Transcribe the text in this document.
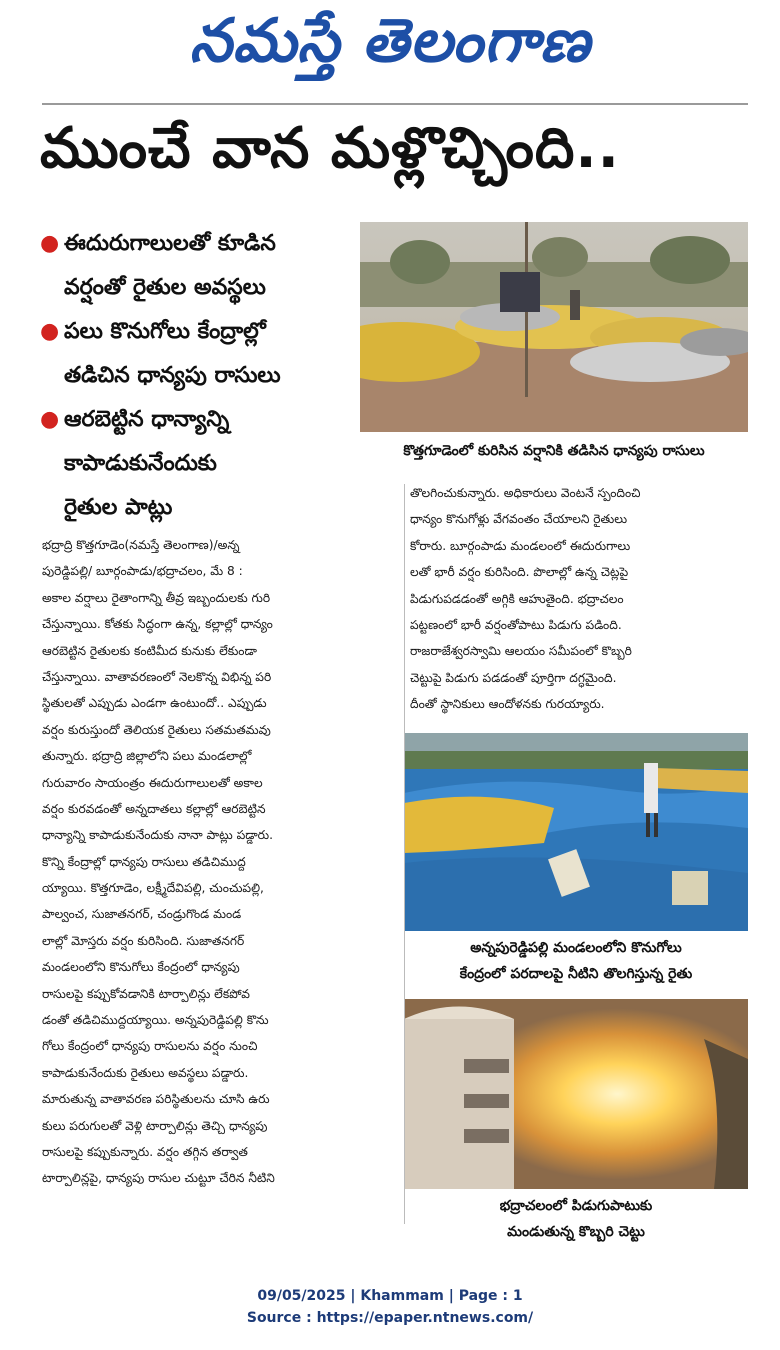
నమస్తే తెలంగాణ
ముంచే వాన మళ్లొచ్చింది..
● ఈదురుగాలులతో కూడిన
వర్షంతో రైతుల అవస్థలు
● పలు కొనుగోలు కేంద్రాల్లో
తడిచిన ధాన్యపు రాసులు
● ఆరబెట్టిన ధాన్యాన్ని
కాపాడుకునేందుకు
రైతుల పాట్లు
కొత్తగూడెంలో కురిసిన వర్షానికి తడిసిన ధాన్యపు రాసులు
అన్నపురెడ్డిపల్లి మండలంలోని కొనుగోలు
కేంద్రంలో పరదాలపై నీటిని తొలగిస్తున్న రైతు
భద్రాచలంలో పిడుగుపాటుకు
మండుతున్న కొబ్బరి చెట్టు

భద్రాద్రి కొత్తగూడెం(నమస్తే తెలంగాణ)/అన్న

పురెడ్డిపల్లి/ బూర్గంపాడు/భద్రాచలం, మే 8 :

అకాల వర్షాలు రైతాంగాన్ని తీవ్ర ఇబ్బందులకు గురి

చేస్తున్నాయి. కోతకు సిద్ధంగా ఉన్న, కల్లాల్లో ధాన్యం

ఆరబెట్టిన రైతులకు కంటిమీద కునుకు లేకుండా

చేస్తున్నాయి. వాతావరణంలో నెలకొన్న విభిన్న పరి

స్థితులతో ఎప్పుడు ఎండగా ఉంటుందో.. ఎప్పుడు

వర్షం కురుస్తుందో తెలియక రైతులు సతమతమవు

తున్నారు. భద్రాద్రి జిల్లాలోని పలు మండలాల్లో

గురువారం సాయంత్రం ఈదురుగాలులతో అకాల

వర్షం కురవడంతో అన్నదాతలు కల్లాల్లో ఆరబెట్టిన

ధాన్యాన్ని కాపాడుకునేందుకు నానా పాట్లు పడ్డారు.

కొన్ని కేంద్రాల్లో ధాన్యపు రాసులు తడిచిముద్ద

య్యాయి. కొత్తగూడెం, లక్ష్మీదేవిపల్లి, చుంచుపల్లి,

పాల్వంచ, సుజాతనగర్, చండ్రుగొండ మండ

లాల్లో మోస్తరు వర్షం కురిసింది. సుజాతనగర్

మండలంలోని కొనుగోలు కేంద్రంలో ధాన్యపు

రాసులపై కప్పుకోవడానికి టార్పాలిన్లు లేకపోవ

డంతో తడిచిముద్దయ్యాయి. అన్నపురెడ్డిపల్లి కొను

గోలు కేంద్రంలో ధాన్యపు రాసులను వర్షం నుంచి

కాపాడుకునేందుకు రైతులు అవస్థలు పడ్డారు.

మారుతున్న వాతావరణ పరిస్థితులను చూసి ఉరు

కులు పరుగులతో వెళ్లి టార్పాలిన్లు తెచ్చి ధాన్యపు

రాసులపై కప్పుకున్నారు. వర్షం తగ్గిన తర్వాత

టార్పాలిన్లపై, ధాన్యపు రాసుల చుట్టూ చేరిన నీటిని

తొలగించుకున్నారు. అధికారులు వెంటనే స్పందించి

ధాన్యం కొనుగోళ్లు వేగవంతం చేయాలని రైతులు

కోరారు. బూర్గంపాడు మండలంలో ఈదురుగాలు

లతో భారీ వర్షం కురిసింది. పొలాల్లో ఉన్న చెట్లపై

పిడుగుపడడంతో అగ్గికి ఆహుతైంది. భద్రాచలం

పట్టణంలో భారీ వర్షంతోపాటు పిడుగు పడింది.

రాజరాజేశ్వరస్వామి ఆలయం సమీపంలో కొబ్బరి

చెట్టుపై పిడుగు పడడంతో పూర్తిగా దగ్ధమైంది.

దీంతో స్థానికులు ఆందోళనకు గురయ్యారు.

09/05/2025 | Khammam | Page : 1
Source : https://epaper.ntnews.com/
